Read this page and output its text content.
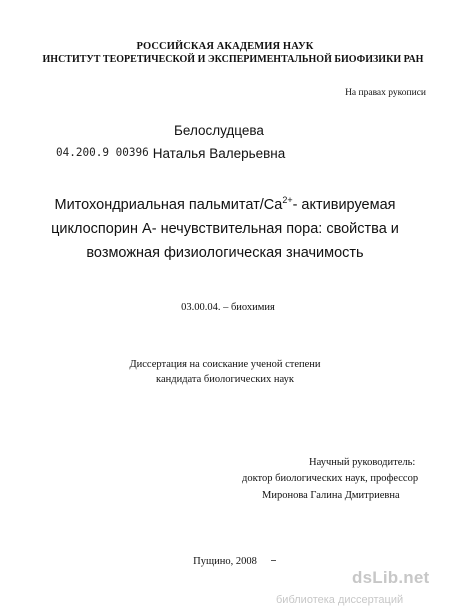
РОССИЙСКАЯ АКАДЕМИЯ НАУК
ИНСТИТУТ ТЕОРЕТИЧЕСКОЙ И ЭКСПЕРИМЕНТАЛЬНОЙ БИОФИЗИКИ РАН
На правах рукописи
04.200.9 00396
Белослудцева
Наталья Валерьевна
Митохондриальная пальмитат/$Ca^{2+}-$ активируемая
циклоспорин А- нечувствительная пора: свойства и
возможная физиологическая значимость
03.00.04. – биохимия
Диссертация на соискание ученой степени
кандидата биологических наук
Научный руководитель:
доктор биологических наук, профессор
Миронова Галина Дмитриевна
Пущино, 2008
dsLib.net
библиотека диссертаций
